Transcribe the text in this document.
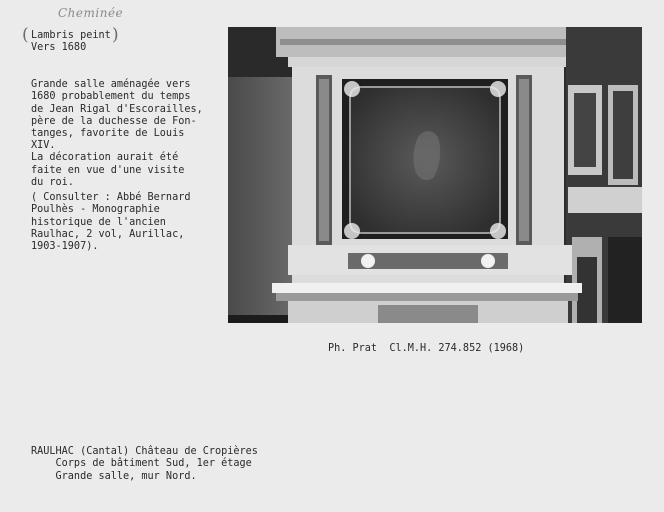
Cheminée
(	)
Lambris peint
Vers 1680

Grande salle aménagée vers
1680 probablement du temps
de Jean Rigal d'Escorailles,
père de la duchesse de Fon-
tanges, favorite de Louis
XIV.
La décoration aurait été
faite en vue d'une visite
du roi.

( Consulter : Abbé Bernard
Poulhès - Monographie
historique de l'ancien
Raulhac, 2 vol, Aurillac,
1903-1907).

Ph. Prat  Cl.M.H. 274.852 (1968)

RAULHAC (Cantal) Château de Cropières
Corps de bâtiment Sud, 1er étage
Grande salle, mur Nord.
